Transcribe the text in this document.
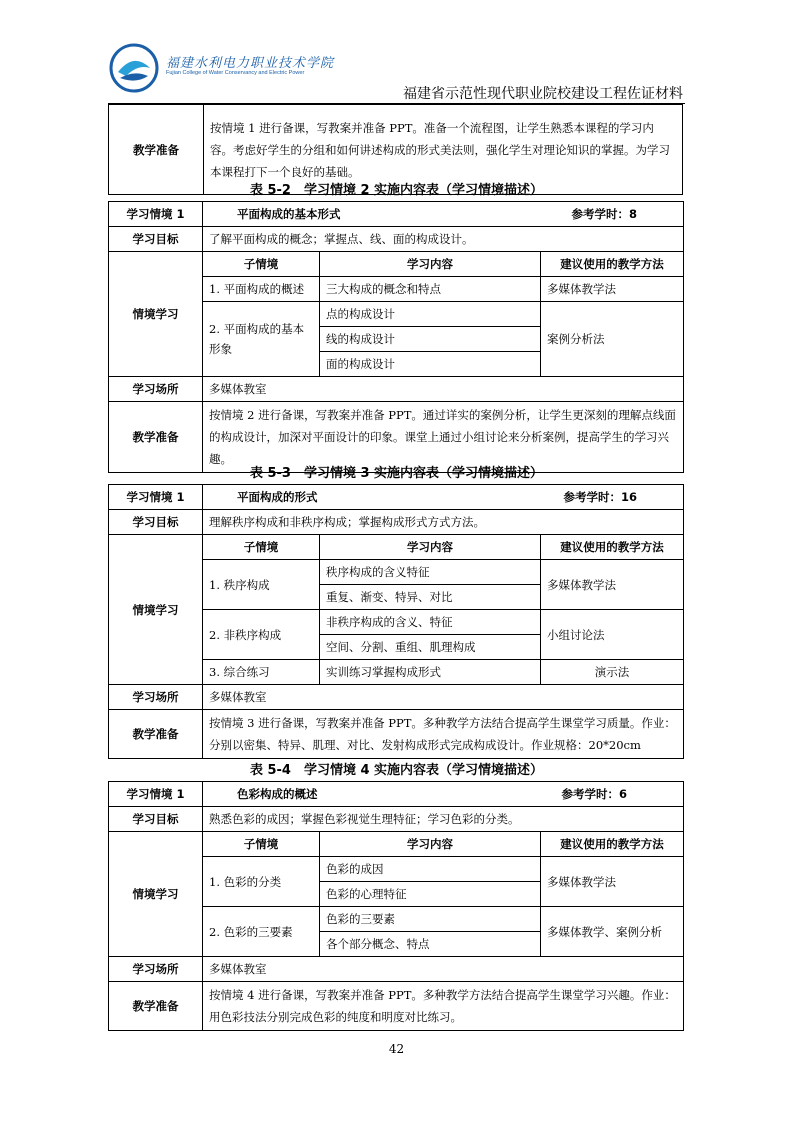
福建水利电力职业技术学院
Fujian College of Water Conservancy and Electric Power
福建省示范性现代职业院校建设工程佐证材料
教学准备	按情境 1 进行备课，写教案并准备 PPT。准备一个流程图，让学生熟悉本课程的学习内容。考虑好学生的分组和如何讲述构成的形式美法则，强化学生对理论知识的掌握。为学习本课程打下一个良好的基础。
表 5-2　学习情境 2 实施内容表（学习情境描述）
学习情境 1	平面构成的基本形式 参考学时：8		

学习目标	了解平面构成的概念；掌握点、线、面的构成设计。		
情境学习	子情境	学习内容	建议使用的教学方法
	1. 平面构成的概述	三大构成的概念和特点	多媒体教学法
	2. 平面构成的基本形象	点的构成设计	案例分析法
		线的构成设计	
		面的构成设计	
学习场所	多媒体教室		
教学准备	按情境 2 进行备课，写教案并准备 PPT。通过详实的案例分析，让学生更深刻的理解点线面的构成设计，加深对平面设计的印象。课堂上通过小组讨论来分析案例，提高学生的学习兴趣。		
表 5-3　学习情境 3 实施内容表（学习情境描述）
学习情境 1	平面构成的形式 参考学时：16		

学习目标	理解秩序构成和非秩序构成；掌握构成形式方式方法。		
情境学习	子情境	学习内容	建议使用的教学方法
	1. 秩序构成	秩序构成的含义特征	多媒体教学法
		重复、渐变、特异、对比	
	2. 非秩序构成	非秩序构成的含义、特征	小组讨论法
		空间、分割、重组、肌理构成	
	3. 综合练习	实训练习掌握构成形式	演示法
学习场所	多媒体教室		
教学准备	按情境 3 进行备课，写教案并准备 PPT。多种教学方法结合提高学生课堂学习质量。作业：分别以密集、特异、肌理、对比、发射构成形式完成构成设计。作业规格：20*20cm		
表 5-4　学习情境 4 实施内容表（学习情境描述）
学习情境 1	色彩构成的概述 参考学时：6		

学习目标	熟悉色彩的成因；掌握色彩视觉生理特征；学习色彩的分类。		
情境学习	子情境	学习内容	建议使用的教学方法
	1. 色彩的分类	色彩的成因	多媒体教学法
		色彩的心理特征	
	2. 色彩的三要素	色彩的三要素	多媒体教学、案例分析
		各个部分概念、特点	
学习场所	多媒体教室		
教学准备	按情境 4 进行备课，写教案并准备 PPT。多种教学方法结合提高学生课堂学习兴趣。作业：用色彩技法分别完成色彩的纯度和明度对比练习。		
42
